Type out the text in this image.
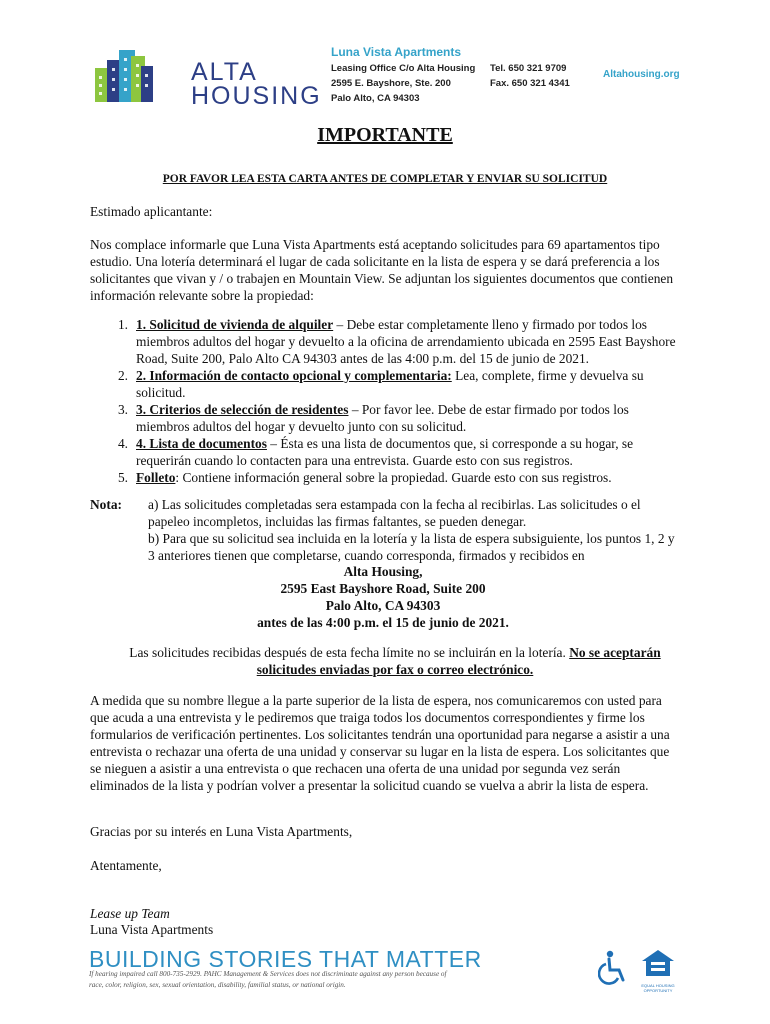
ALTA
HOUSING
Luna Vista Apartments
Leasing Office C/o Alta Housing
2595 E. Bayshore, Ste. 200
Palo Alto, CA 94303
Tel. 650 321 9709
Fax. 650 321 4341
Altahousing.org
IMPORTANTE
POR FAVOR LEA ESTA CARTA ANTES DE COMPLETAR Y ENVIAR SU SOLICITUD
Estimado aplicantante:
Nos complace informarle que Luna Vista Apartments está aceptando solicitudes para 69 apartamentos tipo estudio. Una lotería determinará el lugar de cada solicitante en la lista de espera y se dará preferencia a los solicitantes que vivan y / o trabajen en Mountain View. Se adjuntan los siguientes documentos que contienen información relevante sobre la propiedad:
1. 1. Solicitud de vivienda de alquiler – Debe estar completamente lleno y firmado por todos los miembros adultos del hogar y devuelto a la oficina de arrendamiento ubicada en 2595 East Bayshore Road, Suite 200, Palo Alto CA 94303 antes de las 4:00 p.m. del 15 de junio de 2021.
2. 2. Información de contacto opcional y complementaria: Lea, complete, firme y devuelva su solicitud.
3. 3. Criterios de selección de residentes – Por favor lee. Debe de estar firmado por todos los miembros adultos del hogar y devuelto junto con su solicitud.
4. 4. Lista de documentos – Ésta es una lista de documentos que, si corresponde a su hogar, se requerirán cuando lo contacten para una entrevista. Guarde esto con sus registros.
5. Folleto: Contiene información general sobre la propiedad. Guarde esto con sus registros.
Nota: a) Las solicitudes completadas sera estampada con la fecha al recibirlas. Las solicitudes o el papeleo incompletos, incluidas las firmas faltantes, se pueden denegar.
b) Para que su solicitud sea incluida en la lotería y la lista de espera subsiguiente, los puntos 1, 2 y 3 anteriores tienen que completarse, cuando corresponda, firmados y recibidos en
Alta Housing,
2595 East Bayshore Road, Suite 200
Palo Alto, CA 94303
antes de las 4:00 p.m. el 15 de junio de 2021.
Las solicitudes recibidas después de esta fecha límite no se incluirán en la lotería. No se aceptarán
solicitudes enviadas por fax o correo electrónico.
A medida que su nombre llegue a la parte superior de la lista de espera, nos comunicaremos con usted para que acuda a una entrevista y le pediremos que traiga todos los documentos correspondientes y firme los formularios de verificación pertinentes. Los solicitantes tendrán una oportunidad para negarse a asistir a una entrevista o rechazar una oferta de una unidad y conservar su lugar en la lista de espera. Los solicitantes que se nieguen a asistir a una entrevista o que rechacen una oferta de una unidad por segunda vez serán eliminados de la lista y podrían volver a presentar la solicitud cuando se vuelva a abrir la lista de espera.
Gracias por su interés en Luna Vista Apartments,
Atentamente,
Lease up Team
Luna Vista Apartments
BUILDING STORIES THAT MATTER
If hearing impaired call 800-735-2929. PAHC Management & Services does not discriminate against any person because of race, color, religion, sex, sexual orientation, disability, familial status, or national origin.	EQUAL HOUSING OPPORTUNITY
